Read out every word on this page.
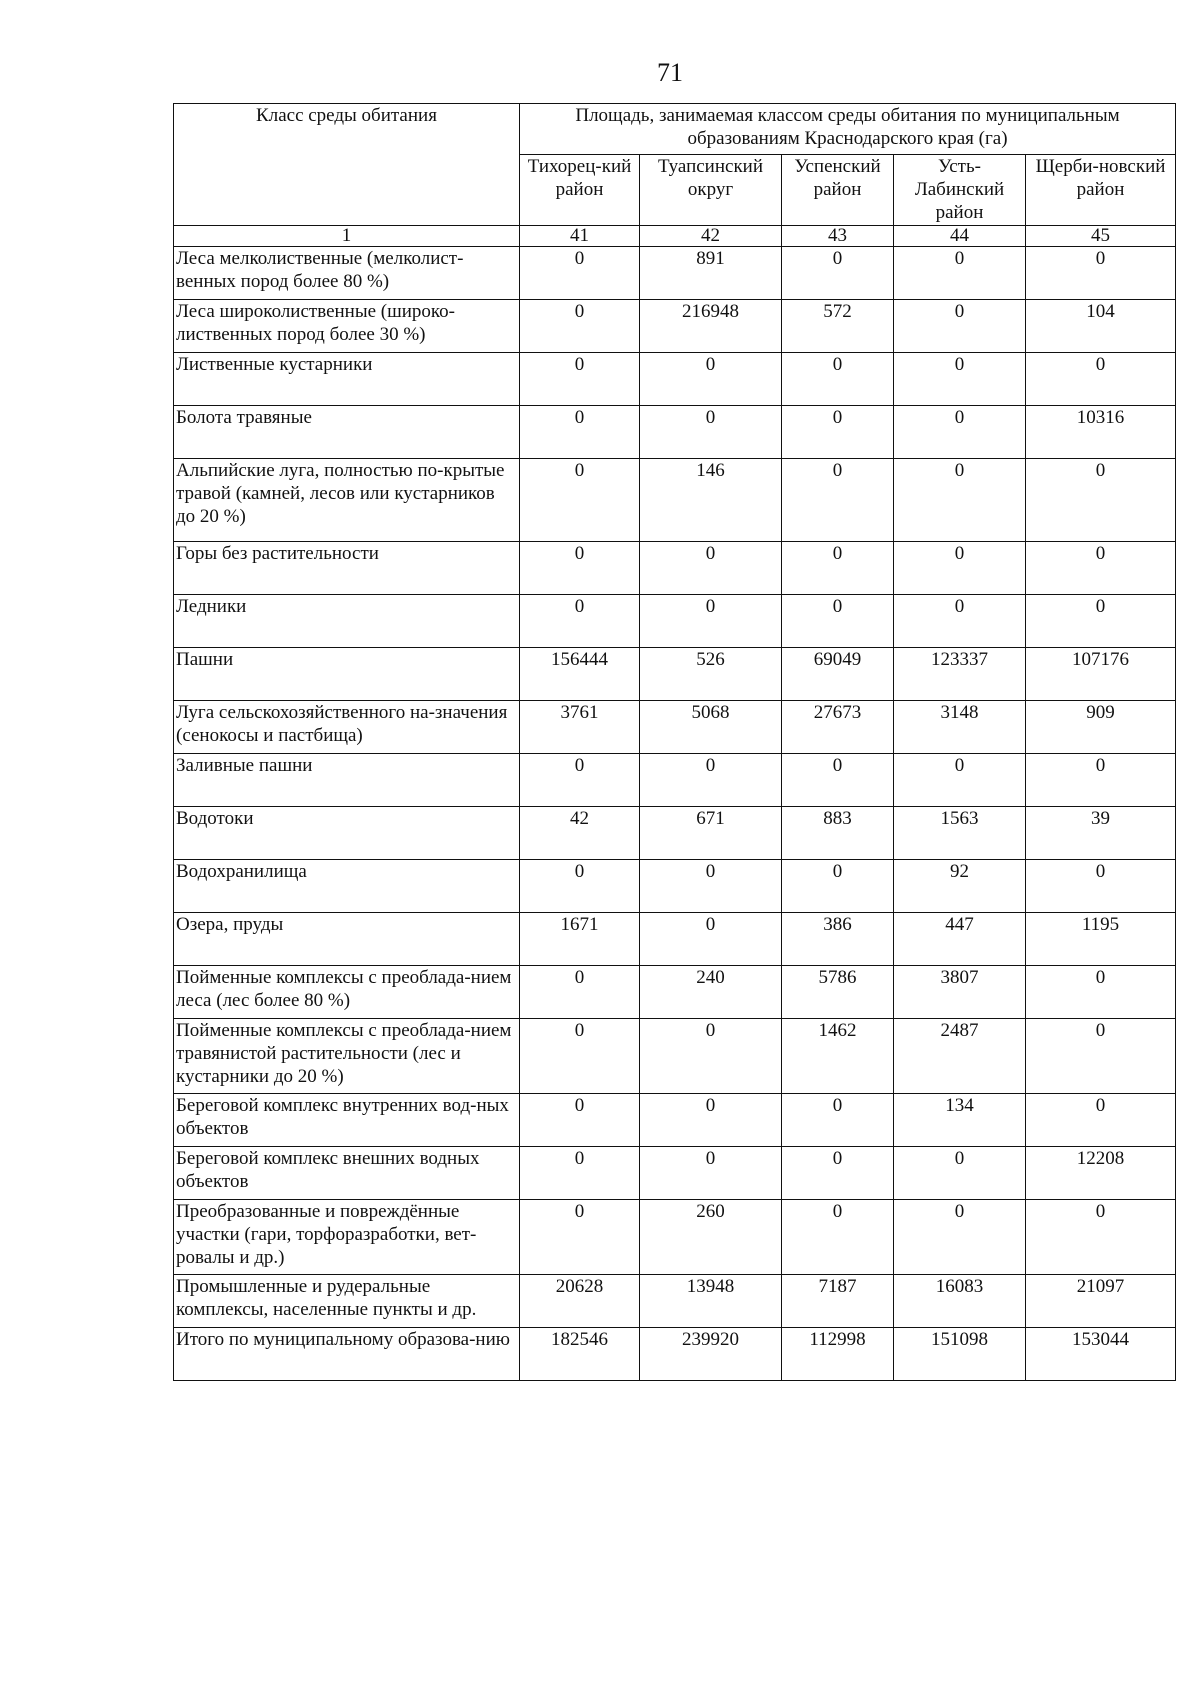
71
Класс среды обитания	Площадь, занимаемая классом среды обитания по муниципальным образованиям Краснодарского края (га)				
	Тихорец-кий район	Туапсинский округ	Успенский район	Усть-Лабинский район	Щерби-новский район
1	41	42	43	44	45
Леса мелколиственные (мелколист-венных пород более 80 %)	0	891	0	0	0
Леса широколиственные (широко-лиственных пород более 30 %)	0	216948	572	0	104
Лиственные кустарники	0	0	0	0	0
Болота травяные	0	0	0	0	10316
Альпийские луга, полностью по-крытые травой (камней, лесов или кустарников до 20 %)	0	146	0	0	0
Горы без растительности	0	0	0	0	0
Ледники	0	0	0	0	0
Пашни	156444	526	69049	123337	107176
Луга сельскохозяйственного на-значения (сенокосы и пастбища)	3761	5068	27673	3148	909
Заливные пашни	0	0	0	0	0
Водотоки	42	671	883	1563	39
Водохранилища	0	0	0	92	0
Озера, пруды	1671	0	386	447	1195
Пойменные комплексы с преоблада-нием леса (лес более 80 %)	0	240	5786	3807	0
Пойменные комплексы с преоблада-нием травянистой растительности (лес и кустарники до 20 %)	0	0	1462	2487	0
Береговой комплекс внутренних вод-ных объектов	0	0	0	134	0
Береговой комплекс внешних водных объектов	0	0	0	0	12208
Преобразованные и повреждённые участки (гари, торфоразработки, вет-ровалы и др.)	0	260	0	0	0
Промышленные и рудеральные комплексы, населенные пункты и др.	20628	13948	7187	16083	21097
Итого по муниципальному образова-нию	182546	239920	112998	151098	153044
